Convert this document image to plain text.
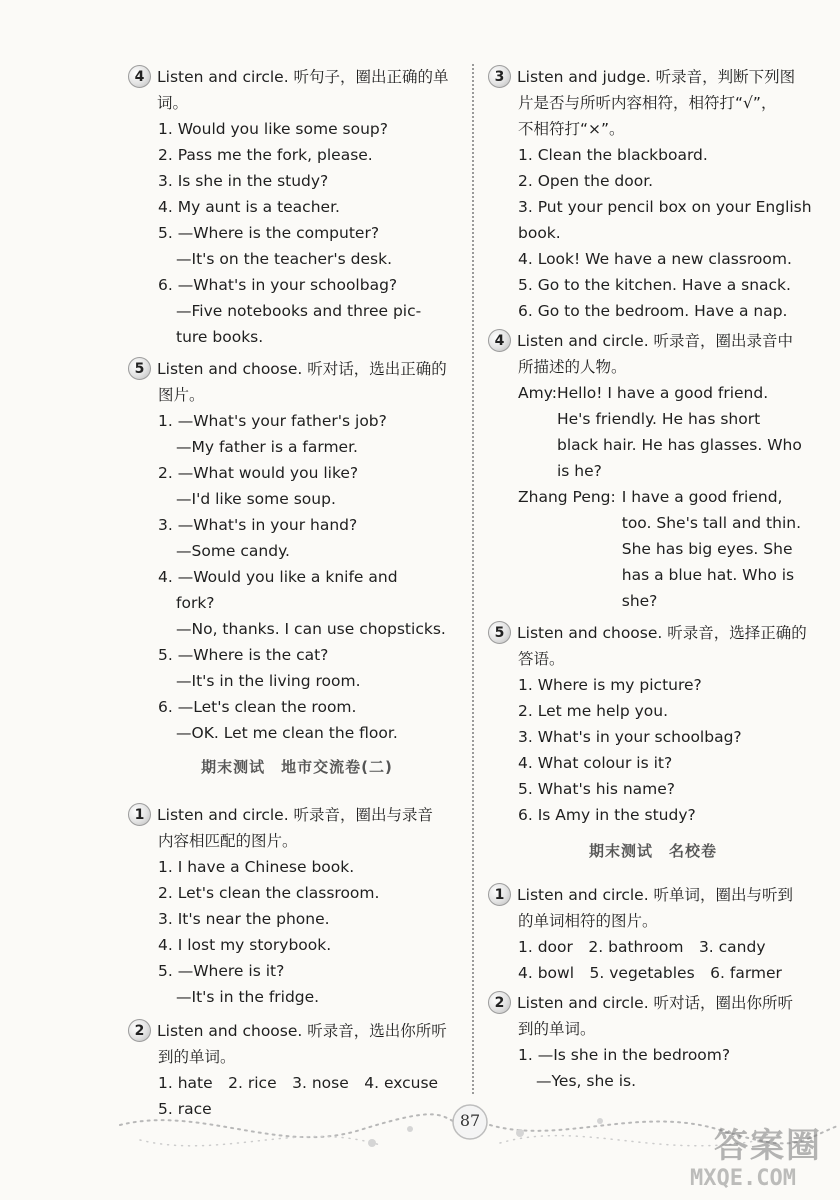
4 Listen and circle. 听句子，圈出正确的单词。
1. Would you like some soup?
2. Pass me the fork, please.
3. Is she in the study?
4. My aunt is a teacher.
5. —Where is the computer?
—It's on the teacher's desk.
6. —What's in your schoolbag?
—Five notebooks and three pic-
ture books.
5 Listen and choose. 听对话，选出正确的
图片。
1. —What's your father's job?
—My father is a farmer.
2. —What would you like?
—I'd like some soup.
3. —What's in your hand?
—Some candy.
4. —Would you like a knife and
fork?
—No, thanks. I can use chopsticks.
5. —Where is the cat?
—It's in the living room.
6. —Let's clean the room.
—OK. Let me clean the floor.
期末测试　地市交流卷(二)
1 Listen and circle. 听录音，圈出与录音
内容相匹配的图片。
1. I have a Chinese book.
2. Let's clean the classroom.
3. It's near the phone.
4. I lost my storybook.
5. —Where is it?
—It's in the fridge.
2 Listen and choose. 听录音，选出你所听
到的单词。
1. hate　2. rice　3. nose　4. excuse
5. race
3 Listen and judge. 听录音，判断下列图
片是否与所听内容相符，相符打“√”，
不相符打“×”。
1. Clean the blackboard.
2. Open the door.
3. Put your pencil box on your English
book.
4. Look! We have a new classroom.
5. Go to the kitchen. Have a snack.
6. Go to the bedroom. Have a nap.
4 Listen and circle. 听录音，圈出录音中
所描述的人物。
Amy: Hello! I have a good friend.
He's friendly. He has short
black hair. He has glasses. Who
is he?
Zhang Peng: I have a good friend,
too. She's tall and thin.
She has big eyes. She
has a blue hat. Who is
she?
5 Listen and choose. 听录音，选择正确的
答语。
1. Where is my picture?
2. Let me help you.
3. What's in your schoolbag?
4. What colour is it?
5. What's his name?
6. Is Amy in the study?
期末测试　名校卷
1 Listen and circle. 听单词，圈出与听到
的单词相符的图片。
1. door　2. bathroom　3. candy
4. bowl　5. vegetables　6. farmer
2 Listen and circle. 听对话，圈出你所听
到的单词。
1. —Is she in the bedroom?
—Yes, she is.
87
答案圈
MXQE.COM
